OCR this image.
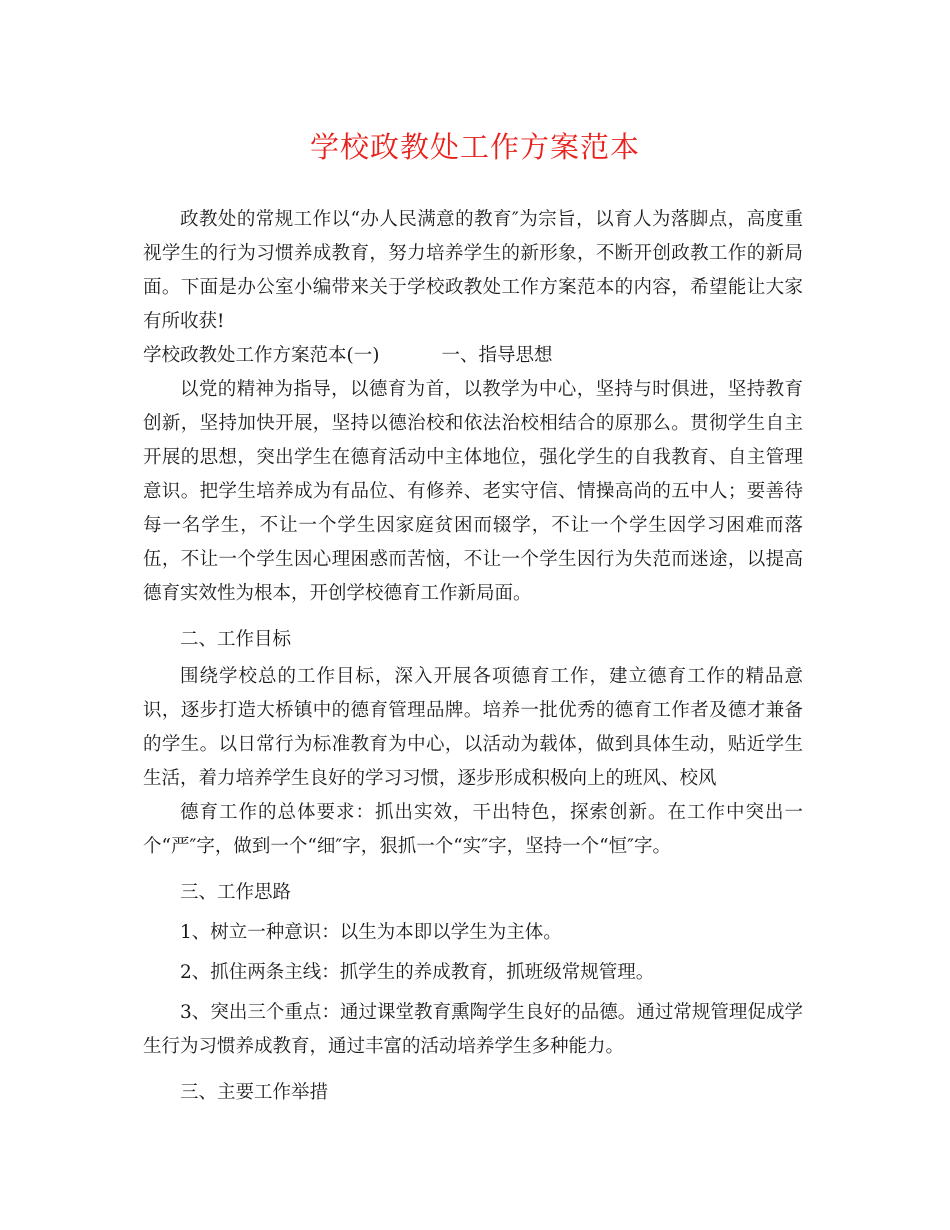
学校政教处工作方案范本

政教处的常规工作以“办人民满意的教育″为宗旨，以育人为落脚点，高度重视学生的行为习惯养成教育，努力培养学生的新形象，不断开创政教工作的新局面。下面是办公室小编带来关于学校政教处工作方案范本的内容，希望能让大家有所收获!

学校政教处工作方案范本(一)	一、指导思想

以党的精神为指导，以德育为首，以教学为中心，坚持与时俱进，坚持教育创新，坚持加快开展，坚持以德治校和依法治校相结合的原那么。贯彻学生自主开展的思想，突出学生在德育活动中主体地位，强化学生的自我教育、自主管理意识。把学生培养成为有品位、有修养、老实守信、情操高尚的五中人；要善待每一名学生，不让一个学生因家庭贫困而辍学，不让一个学生因学习困难而落伍，不让一个学生因心理困惑而苦恼，不让一个学生因行为失范而迷途，以提高德育实效性为根本，开创学校德育工作新局面。

二、工作目标

围绕学校总的工作目标，深入开展各项德育工作，建立德育工作的精品意识，逐步打造大桥镇中的德育管理品牌。培养一批优秀的德育工作者及德才兼备的学生。以日常行为标准教育为中心，以活动为载体，做到具体生动，贴近学生生活，着力培养学生良好的学习习惯，逐步形成积极向上的班风、校风

德育工作的总体要求：抓出实效，干出特色，探索创新。在工作中突出一个“严″字，做到一个“细″字，狠抓一个“实″字，坚持一个“恒″字。

三、工作思路

1、树立一种意识：以生为本即以学生为主体。

2、抓住两条主线：抓学生的养成教育，抓班级常规管理。

3、突出三个重点：通过课堂教育熏陶学生良好的品德。通过常规管理促成学生行为习惯养成教育，通过丰富的活动培养学生多种能力。

三、主要工作举措
